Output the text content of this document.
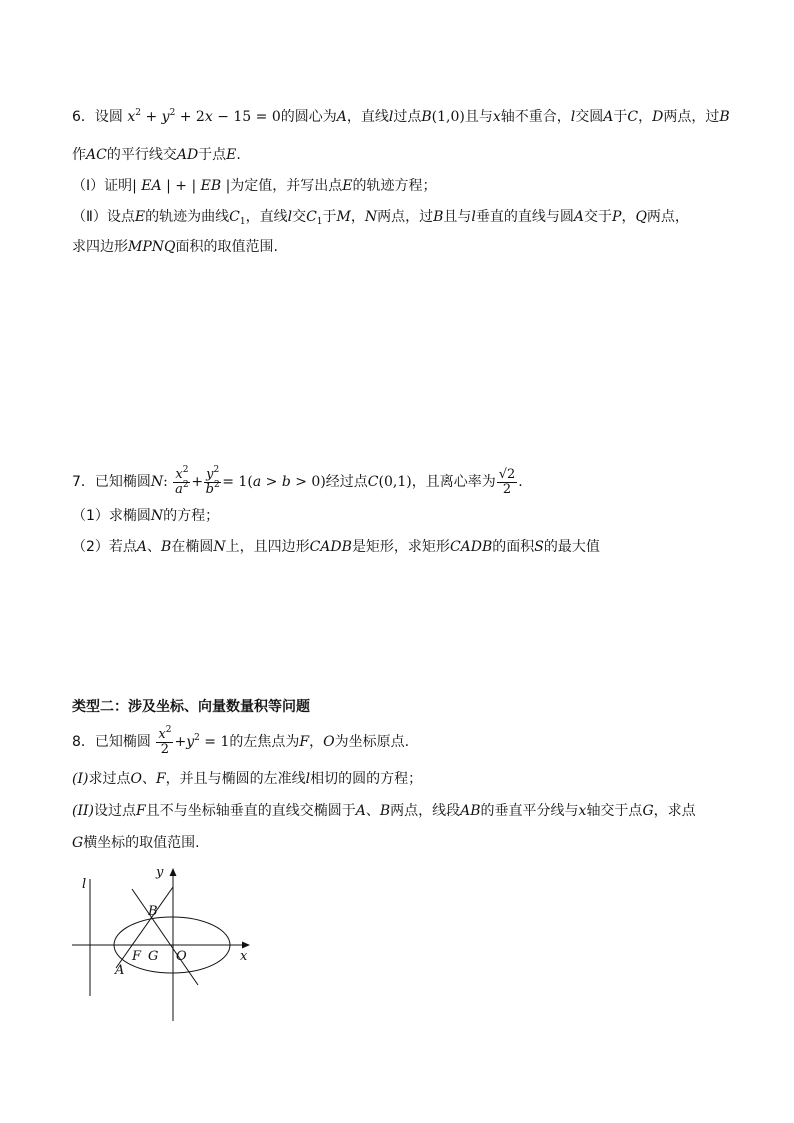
6．设圆 $x^2 + y^2 + 2x - 15 = 0$的圆心为A，直线l过点B(1,0)且与x轴不重合，l交圆A于C，D两点，过B
作AC的平行线交AD于点E.
（Ⅰ）证明| EA | + | EB |为定值，并写出点E的轨迹方程；
（Ⅱ）设点E的轨迹为曲线$C_1$，直线l交$C_1$于M，N两点，过B且与l垂直的直线与圆A交于P，Q两点，
求四边形MPNQ面积的取值范围.
7．已知椭圆N: $\frac{x^2}{a^2} + \frac{y^2}{b^2} = 1(a > b > 0)$经过点C(0,1)，且离心率为 $\frac{√2}{2}$ .
（1）求椭圆N的方程；
（2）若点A、B在椭圆N上，且四边形CADB是矩形，求矩形CADB的面积S的最大值
类型二：涉及坐标、向量数量积等问题
8．已知椭圆 $\frac{x^2}{2} +y^2 = 1$的左焦点为F，O为坐标原点.
(I)求过点O、F，并且与椭圆的左准线l相切的圆的方程；
(II)设过点F且不与坐标轴垂直的直线交椭圆于A、B两点，线段AB的垂直平分线与x轴交于点G，求点
G横坐标的取值范围.
l
y
x
B
F G O
A
